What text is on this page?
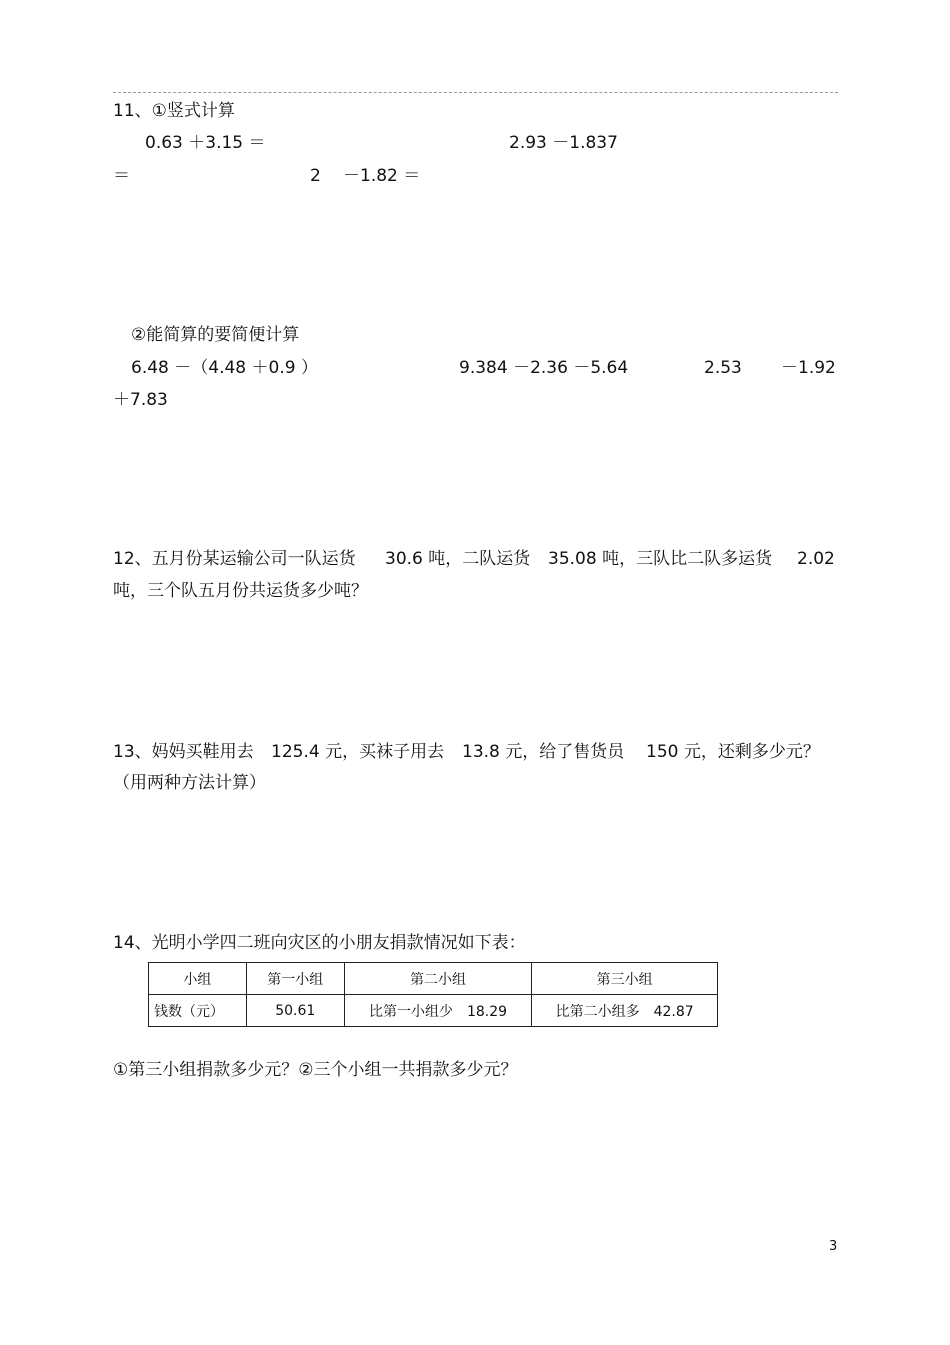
11、①竖式计算
0.63 ＋3.15 ＝	2.93 －1.837
＝	2 －1.82 ＝
②能简算的要简便计算
6.48 －（4.48 ＋0.9 ）	9.384 －2.36 －5.64	2.53 －1.92
＋7.83
12、五月份某运输公司一队运货 30.6 吨，二队运货 35.08 吨，三队比二队多运货 2.02
吨，三个队五月份共运货多少吨？
13、妈妈买鞋用去 125.4 元，买袜子用去 13.8 元，给了售货员 150 元，还剩多少元？
（用两种方法计算）
14、光明小学四二班向灾区的小朋友捐款情况如下表：
小组	第一小组	第二小组	第三小组
钱数（元）	50.61	比第一小组少 18.29	比第二小组多 42.87
①第三小组捐款多少元？②三个小组一共捐款多少元？
3
